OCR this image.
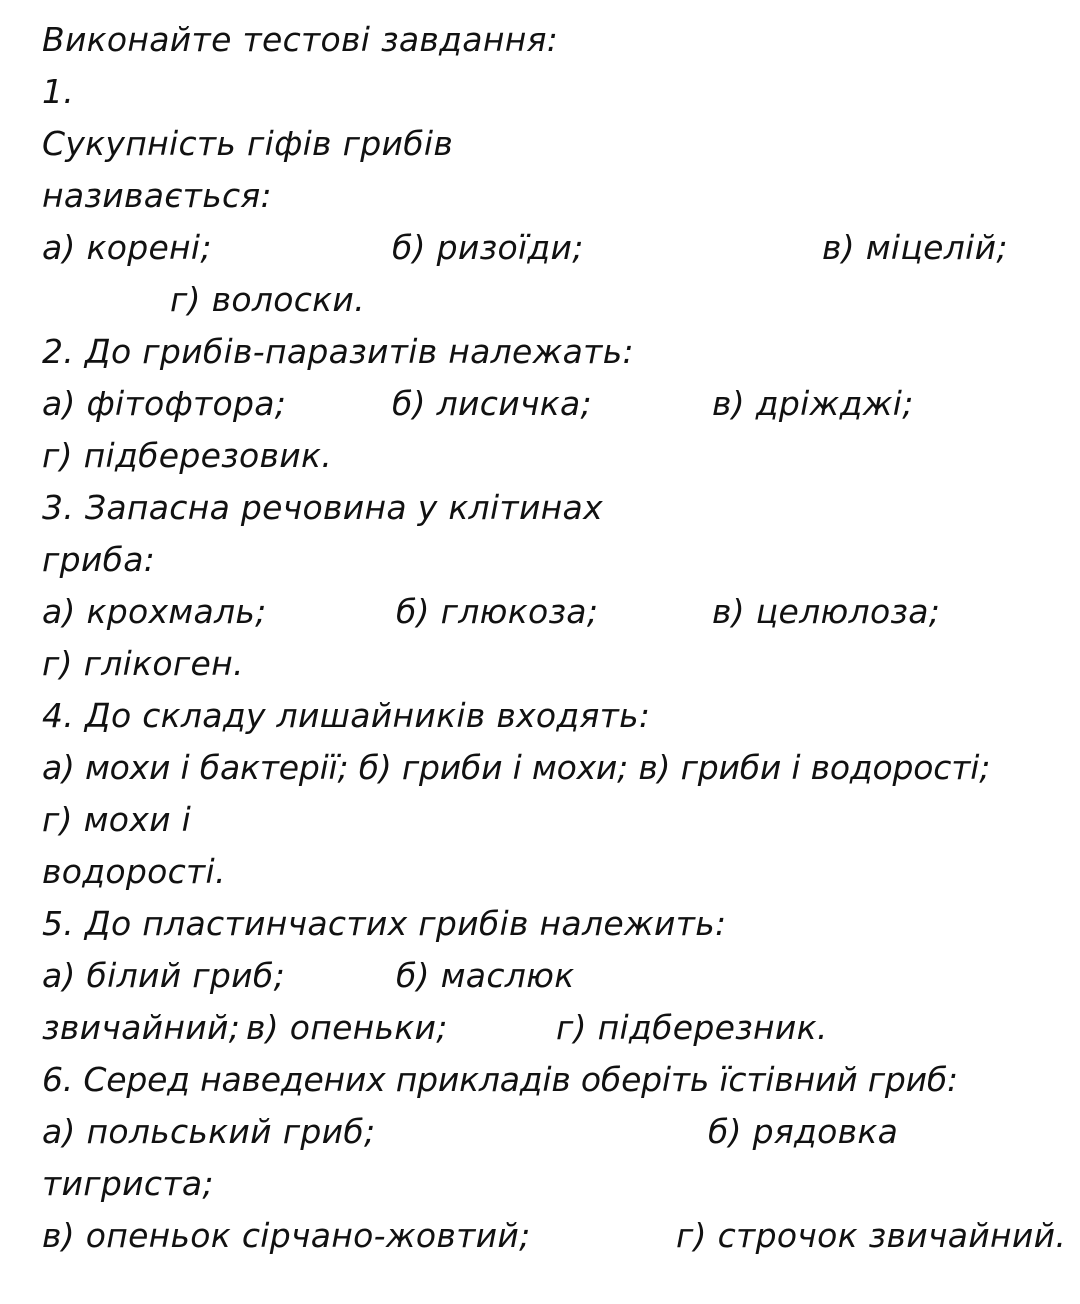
Виконайте тестові завдання:
1.
Сукупність гіфів грибів
називається:
а) корені;	б) ризоїди;	в) міцелій;
г) волоски.
2. До грибів-паразитів належать:
а) фітофтора;	б) лисичка;	в) дріжджі;
г) підберезовик.
3. Запасна речовина у клітинах
гриба:
а) крохмаль;	б) глюкоза;	в) целюлоза;
г) глікоген.
4. До складу лишайників входять:
а) мохи і бактерії; б) гриби і мохи; в) гриби і водорості;
г) мохи і
водорості.
5. До пластинчастих грибів належить:
а) білий гриб;	б) маслюк
звичайний; в) опеньки;	г) підберезник.
6. Серед наведених прикладів оберіть їстівний гриб:
а) польський гриб;	б) рядовка
тигриста;
в) опеньок сірчано-жовтий;	г) строчок звичайний.
